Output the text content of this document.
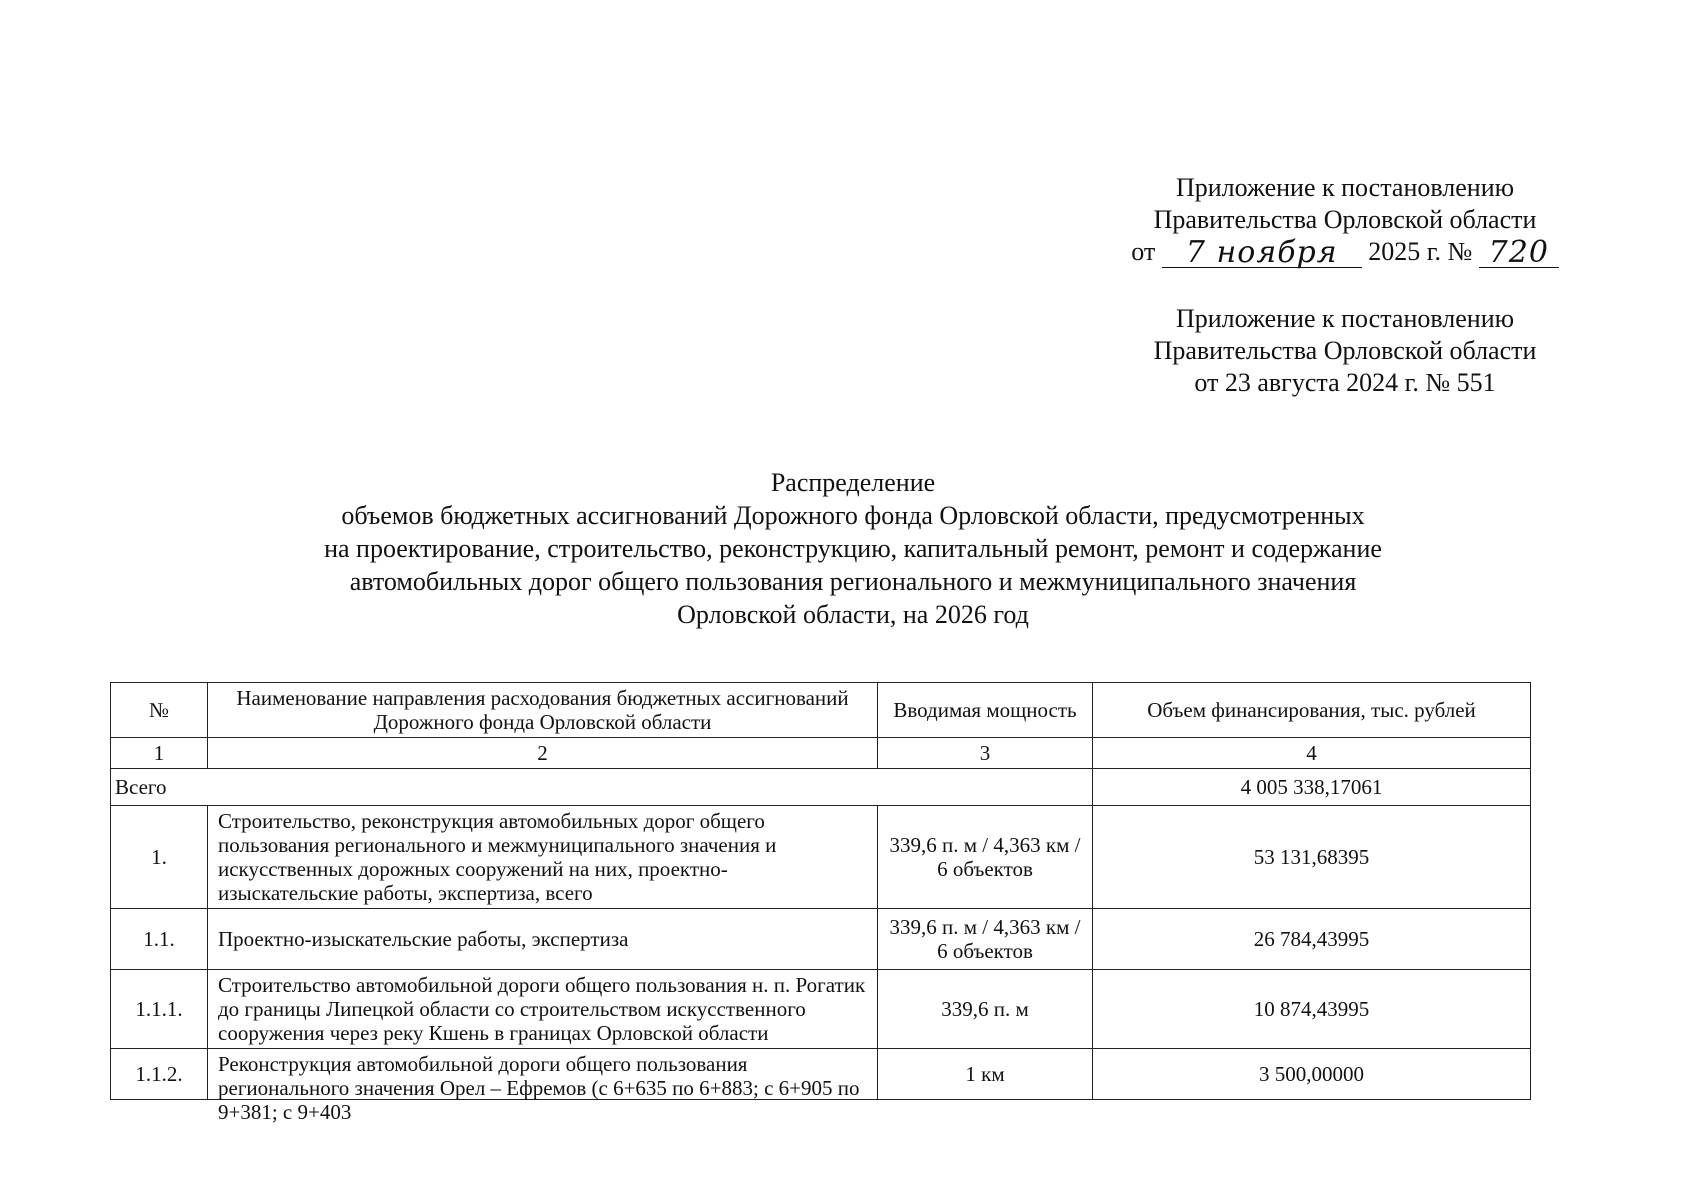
Приложение к постановлению
Правительства Орловской области
от 7 ноября 2025 г. № 720
Приложение к постановлению
Правительства Орловской области
от 23 августа 2024 г. № 551
Распределение
объемов бюджетных ассигнований Дорожного фонда Орловской области, предусмотренных
на проектирование, строительство, реконструкцию, капитальный ремонт, ремонт и содержание
автомобильных дорог общего пользования регионального и межмуниципального значения
Орловской области, на 2026 год
№	Наименование направления расходования бюджетных ассигнований Дорожного фонда Орловской области	Вводимая мощность	Объем финансирования, тыс. рублей
1	2	3	4
Всего			4 005 338,17061
1.	Строительство, реконструкция автомобильных дорог общего пользования регионального и межмуниципального значения и искусственных дорожных сооружений на них, проектно-изыскательские работы, экспертиза, всего	339,6 п. м / 4,363 км / 6 объектов	53 131,68395
1.1.	Проектно-изыскательские работы, экспертиза	339,6 п. м / 4,363 км / 6 объектов	26 784,43995
1.1.1.	Строительство автомобильной дороги общего пользования н. п. Рогатик до границы Липецкой области со строительством искусственного сооружения через реку Кшень в границах Орловской области	339,6 п. м	10 874,43995
1.1.2.	Реконструкция автомобильной дороги общего пользования регионального значения Орел – Ефремов (с 6+635 по 6+883; с 6+905 по 9+381; с 9+403	1 км	3 500,00000
